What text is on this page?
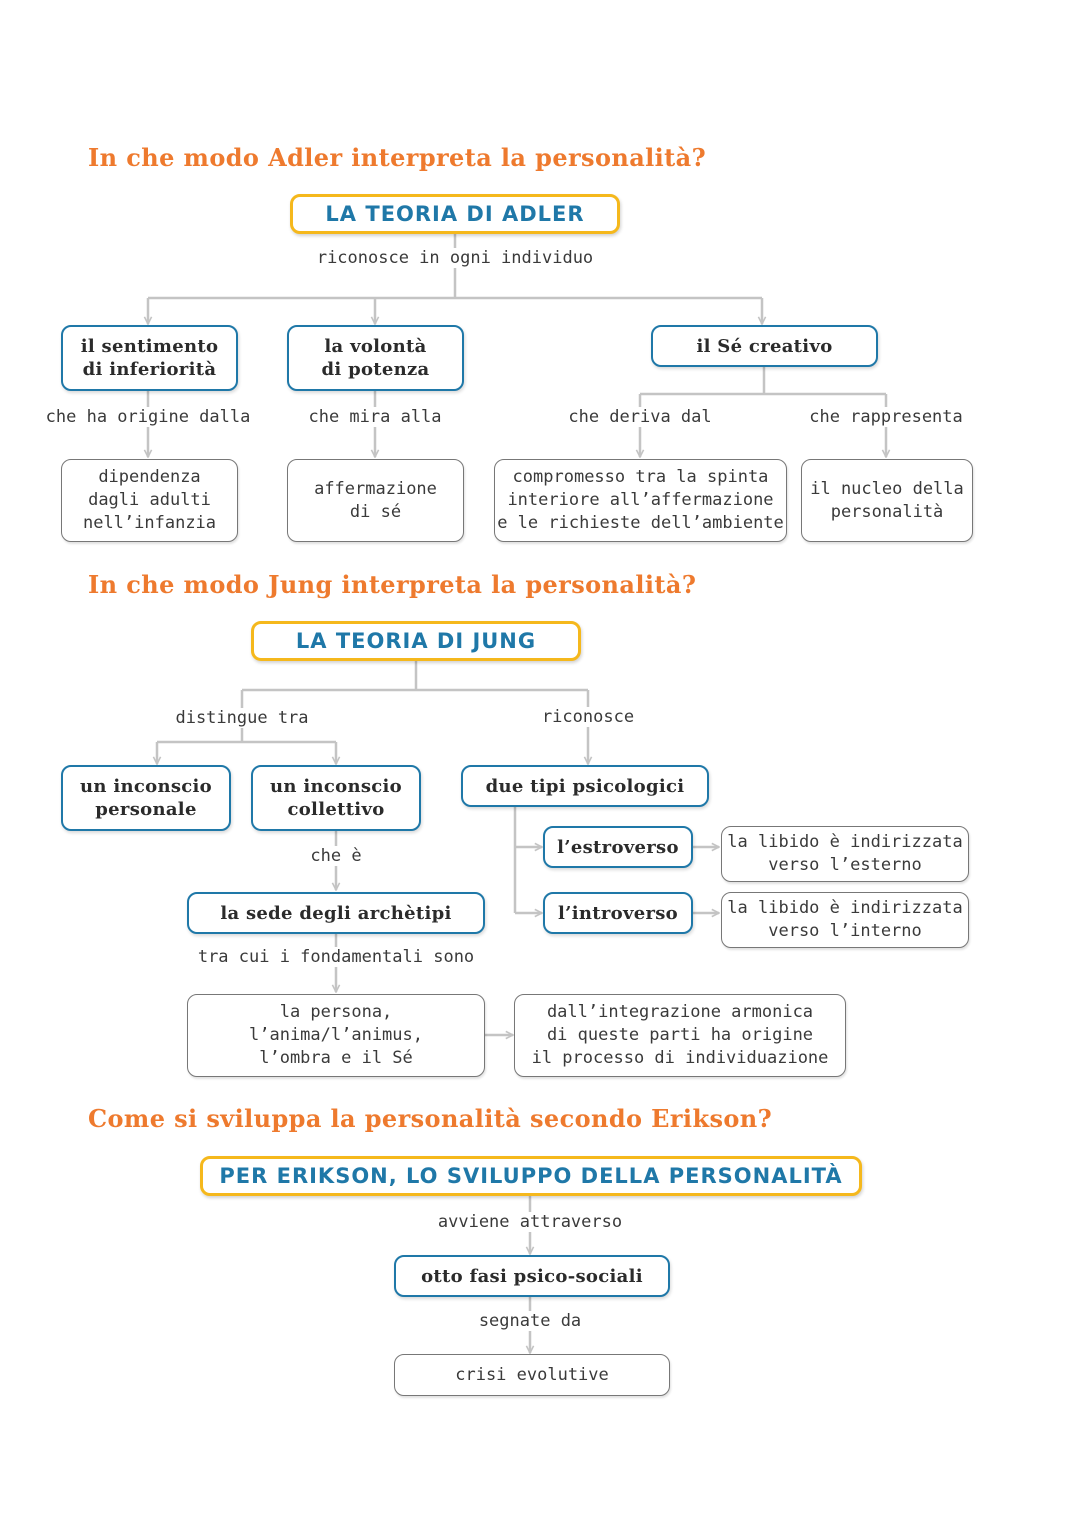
In che modo Adler interpreta la personalità?
LA TEORIA DI ADLER
riconosce in ogni individuo
il sentimento
di inferiorità
la volontà
di potenza
il Sé creativo
che ha origine dalla	che mira alla	che deriva dal	che rappresenta
dipendenza
dagli adulti
nell’infanzia
affermazione
di sé
compromesso tra la spinta
interiore all’affermazione
e le richieste dell’ambiente
il nucleo della
personalità
In che modo Jung interpreta la personalità?
LA TEORIA DI JUNG
distingue tra	riconosce
un inconscio
personale
un inconscio
collettivo
due tipi psicologici
che è	l’estroverso
l’introverso
la libido è indirizzata
verso l’esterno
la libido è indirizzata
verso l’interno
la sede degli archètipi
tra cui i fondamentali sono
la persona,
l’anima/l’animus,
l’ombra e il Sé
dall’integrazione armonica
di queste parti ha origine
il processo di individuazione
Come si sviluppa la personalità secondo Erikson?
PER ERIKSON, LO SVILUPPO DELLA PERSONALITÀ
avviene attraverso
otto fasi psico-sociali
segnate da
crisi evolutive
